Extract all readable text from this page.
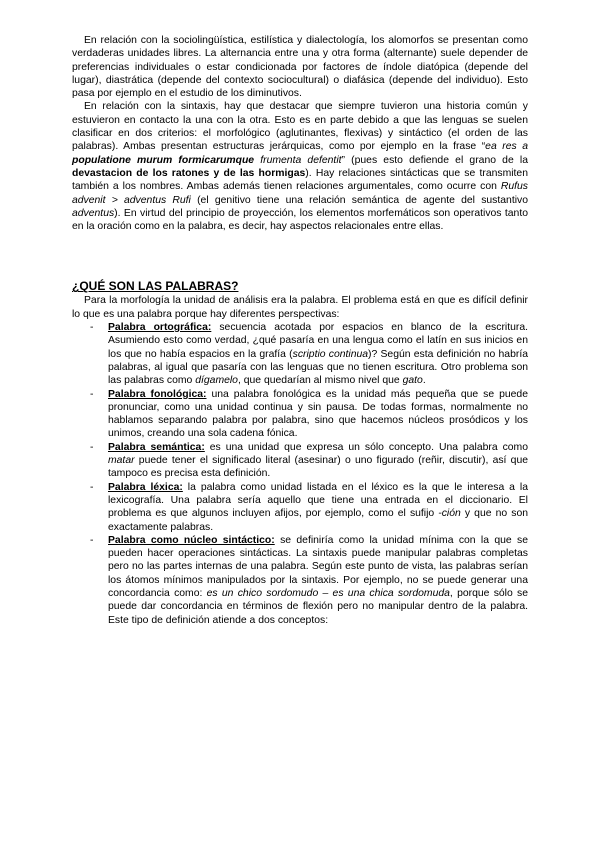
En relación con la sociolingüística, estilística y dialectología, los alomorfos se presentan como verdaderas unidades libres. La alternancia entre una y otra forma (alternante) suele depender de preferencias individuales o estar condicionada por factores de índole diatópica (depende del lugar), diastrática (depende del contexto sociocultural) o diafásica (depende del individuo). Esto pasa por ejemplo en el estudio de los diminutivos.

En relación con la sintaxis, hay que destacar que siempre tuvieron una historia común y estuvieron en contacto la una con la otra. Esto es en parte debido a que las lenguas se suelen clasificar en dos criterios: el morfológico (aglutinantes, flexivas) y sintáctico (el orden de las palabras). Ambas presentan estructuras jerárquicas, como por ejemplo en la frase “ea res a populatione murum formicarumque frumenta defentit” (pues esto defiende el grano de la devastacion de los ratones y de las hormigas). Hay relaciones sintácticas que se transmiten también a los nombres. Ambas además tienen relaciones argumentales, como ocurre con Rufus advenit > adventus Rufi (el genitivo tiene una relación semántica de agente del sustantivo adventus). En virtud del principio de proyección, los elementos morfemáticos son operativos tanto en la oración como en la palabra, es decir, hay aspectos relacionales entre ellas.

¿QUÉ SON LAS PALABRAS?

Para la morfología la unidad de análisis era la palabra. El problema está en que es difícil definir lo que es una palabra porque hay diferentes perspectivas:

- Palabra ortográfica: secuencia acotada por espacios en blanco de la escritura. Asumiendo esto como verdad, ¿qué pasaría en una lengua como el latín en sus inicios en los que no había espacios en la grafía (scriptio continua)? Según esta definición no habría palabras, al igual que pasaría con las lenguas que no tienen escritura. Otro problema son las palabras como dígamelo, que quedarían al mismo nivel que gato.
- Palabra fonológica: una palabra fonológica es la unidad más pequeña que se puede pronunciar, como una unidad continua y sin pausa. De todas formas, normalmente no hablamos separando palabra por palabra, sino que hacemos núcleos prosódicos y los unimos, creando una sola cadena fónica.
- Palabra semántica: es una unidad que expresa un sólo concepto. Una palabra como matar puede tener el significado literal (asesinar) o uno figurado (reñir, discutir), así que tampoco es precisa esta definición.
- Palabra léxica: la palabra como unidad listada en el léxico es la que le interesa a la lexicografía. Una palabra sería aquello que tiene una entrada en el diccionario. El problema es que algunos incluyen afijos, por ejemplo, como el sufijo -ción y que no son exactamente palabras.
- Palabra como núcleo sintáctico: se definiría como la unidad mínima con la que se pueden hacer operaciones sintácticas. La sintaxis puede manipular palabras completas pero no las partes internas de una palabra. Según este punto de vista, las palabras serían los átomos mínimos manipulados por la sintaxis. Por ejemplo, no se puede generar una concordancia como: es un chico sordomudo – es una chica sordomuda, porque sólo se puede dar concordancia en términos de flexión pero no manipular dentro de la palabra. Este tipo de definición atiende a dos conceptos:
